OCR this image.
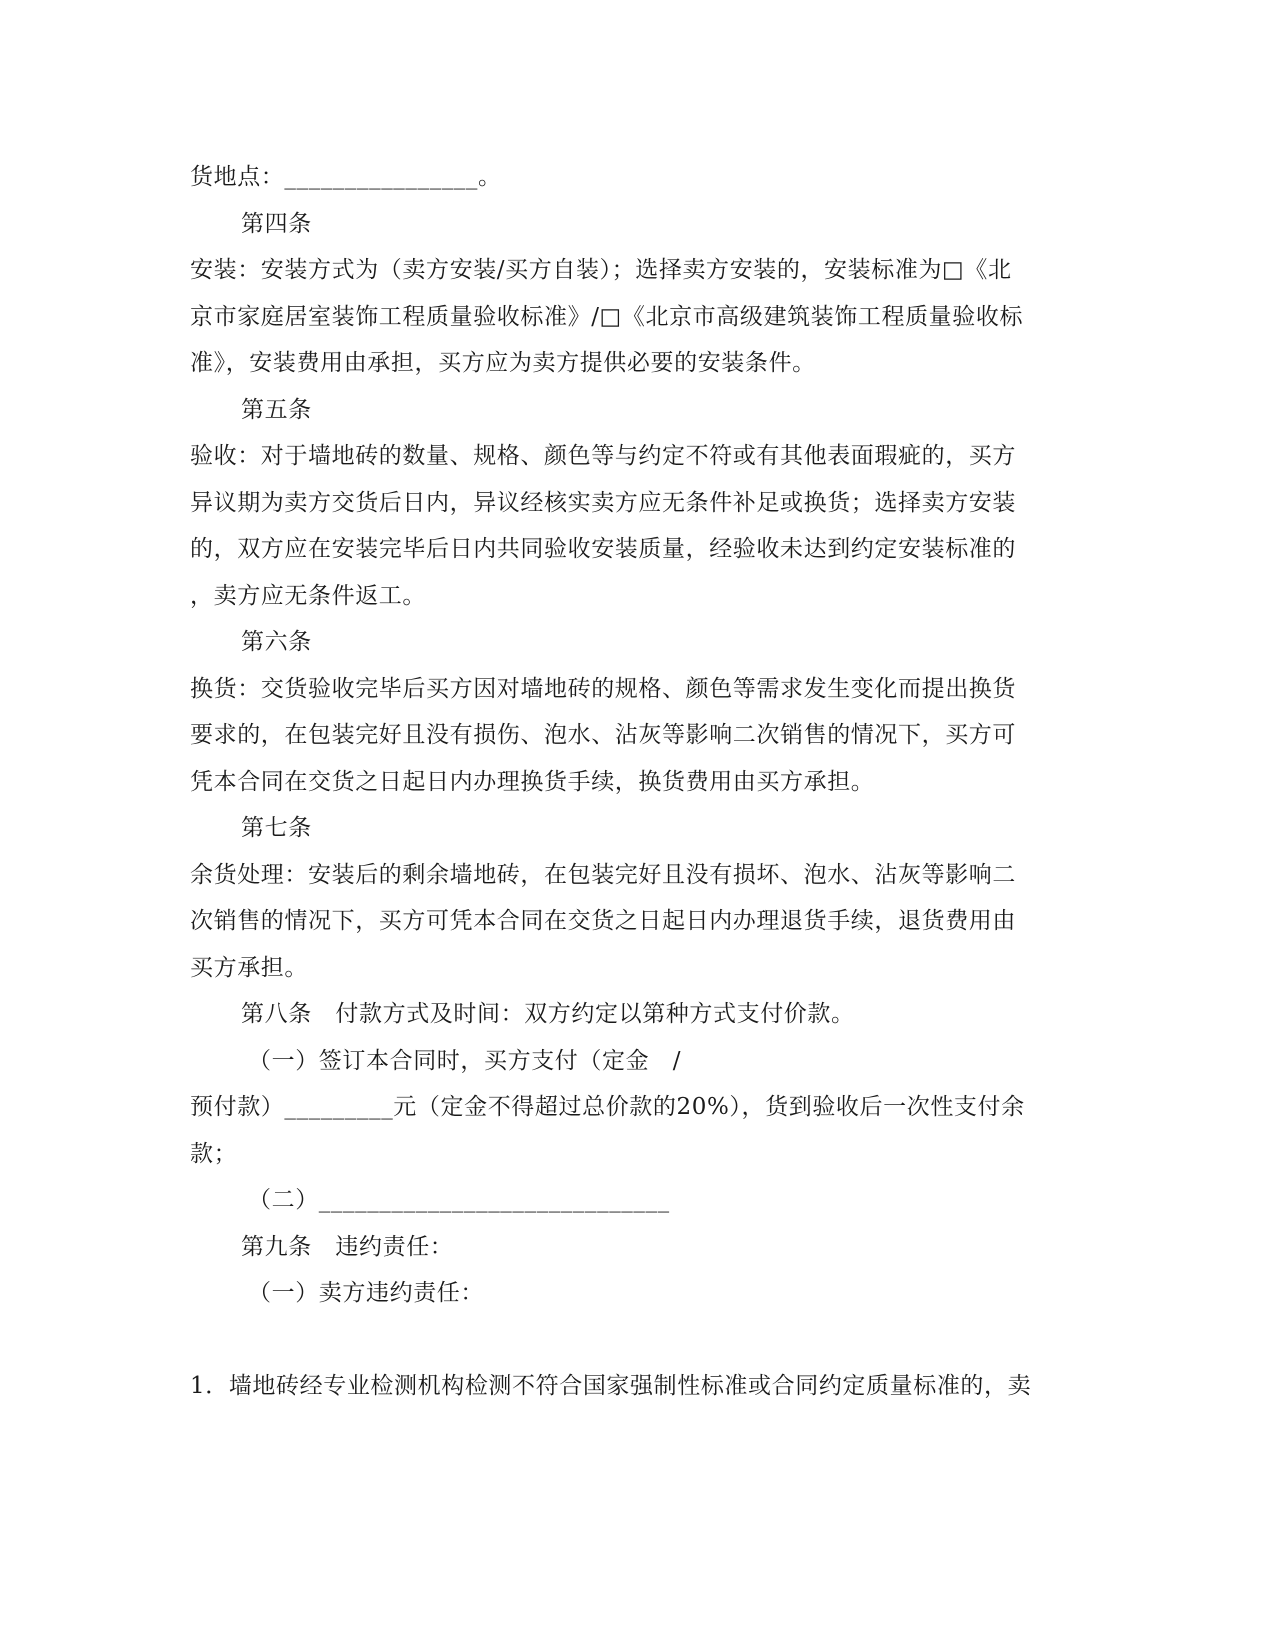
货地点：________________。
第四条
安装：安装方式为（卖方安装/买方自装）；选择卖方安装的，安装标准为□《北
京市家庭居室装饰工程质量验收标准》/□《北京市高级建筑装饰工程质量验收标
准》，安装费用由承担，买方应为卖方提供必要的安装条件。
第五条
验收：对于墙地砖的数量、规格、颜色等与约定不符或有其他表面瑕疵的，买方
异议期为卖方交货后日内，异议经核实卖方应无条件补足或换货；选择卖方安装
的，双方应在安装完毕后日内共同验收安装质量，经验收未达到约定安装标准的
，卖方应无条件返工。
第六条
换货：交货验收完毕后买方因对墙地砖的规格、颜色等需求发生变化而提出换货
要求的，在包装完好且没有损伤、泡水、沾灰等影响二次销售的情况下，买方可
凭本合同在交货之日起日内办理换货手续，换货费用由买方承担。
第七条
余货处理：安装后的剩余墙地砖，在包装完好且没有损坏、泡水、沾灰等影响二
次销售的情况下，买方可凭本合同在交货之日起日内办理退货手续，退货费用由
买方承担。
第八条　付款方式及时间：双方约定以第种方式支付价款。
（一）签订本合同时，买方支付（定金　/
预付款）_________元（定金不得超过总价款的20%），货到验收后一次性支付余
款；
（二）_____________________________
第九条　违约责任：
（一）卖方违约责任：
1．墙地砖经专业检测机构检测不符合国家强制性标准或合同约定质量标准的，卖
